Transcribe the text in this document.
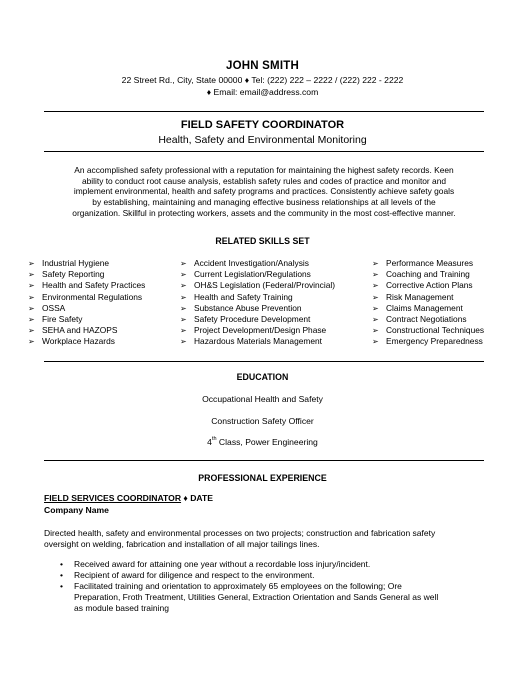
JOHN SMITH
22 Street Rd., City, State 00000 ♦ Tel: (222) 222 – 2222 / (222) 222 - 2222
♦ Email: email@address.com
FIELD SAFETY COORDINATOR
Health, Safety and Environmental Monitoring
An accomplished safety professional with a reputation for maintaining the highest safety records. Keen
ability to conduct root cause analysis, establish safety rules and codes of practice and monitor and
implement environmental, health and safety programs and practices. Consistently achieve safety goals
by establishing, maintaining and managing effective business relationships at all levels of the
organization. Skillful in protecting workers, assets and the community in the most cost-effective manner.
RELATED SKILLS SET
➢ Industrial Hygiene
➢ Safety Reporting
➢ Health and Safety Practices
➢ Environmental Regulations
➢ OSSA
➢ Fire Safety
➢ SEHA and HAZOPS
➢ Workplace Hazards
➢ Accident Investigation/Analysis
➢ Current Legislation/Regulations
➢ OH&S Legislation (Federal/Provincial)
➢ Health and Safety Training
➢ Substance Abuse Prevention
➢ Safety Procedure Development
➢ Project Development/Design Phase
➢ Hazardous Materials Management
➢ Performance Measures
➢ Coaching and Training
➢ Corrective Action Plans
➢ Risk Management
➢ Claims Management
➢ Contract Negotiations
➢ Constructional Techniques
➢ Emergency Preparedness
EDUCATION
Occupational Health and Safety
Construction Safety Officer
4th Class, Power Engineering
PROFESSIONAL EXPERIENCE
FIELD SERVICES COORDINATOR ♦ DATE
Company Name
Directed health, safety and environmental processes on two projects; construction and fabrication safety
oversight on welding, fabrication and installation of all major tailings lines.
• Received award for attaining one year without a recordable loss injury/incident.
• Recipient of award for diligence and respect to the environment.
• Facilitated training and orientation to approximately 65 employees on the following; Ore
Preparation, Froth Treatment, Utilities General, Extraction Orientation and Sands General as well
as module based training
